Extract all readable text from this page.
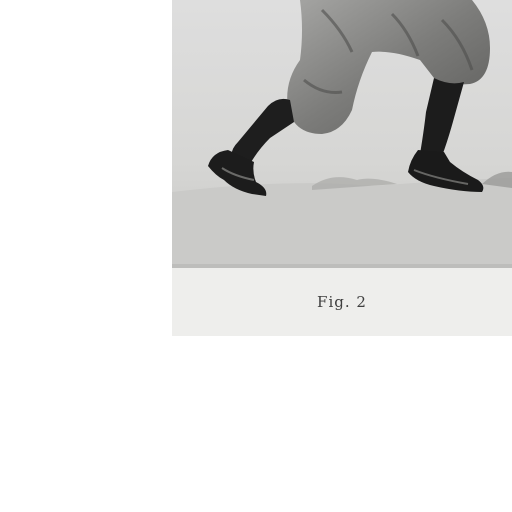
Fig. 2
